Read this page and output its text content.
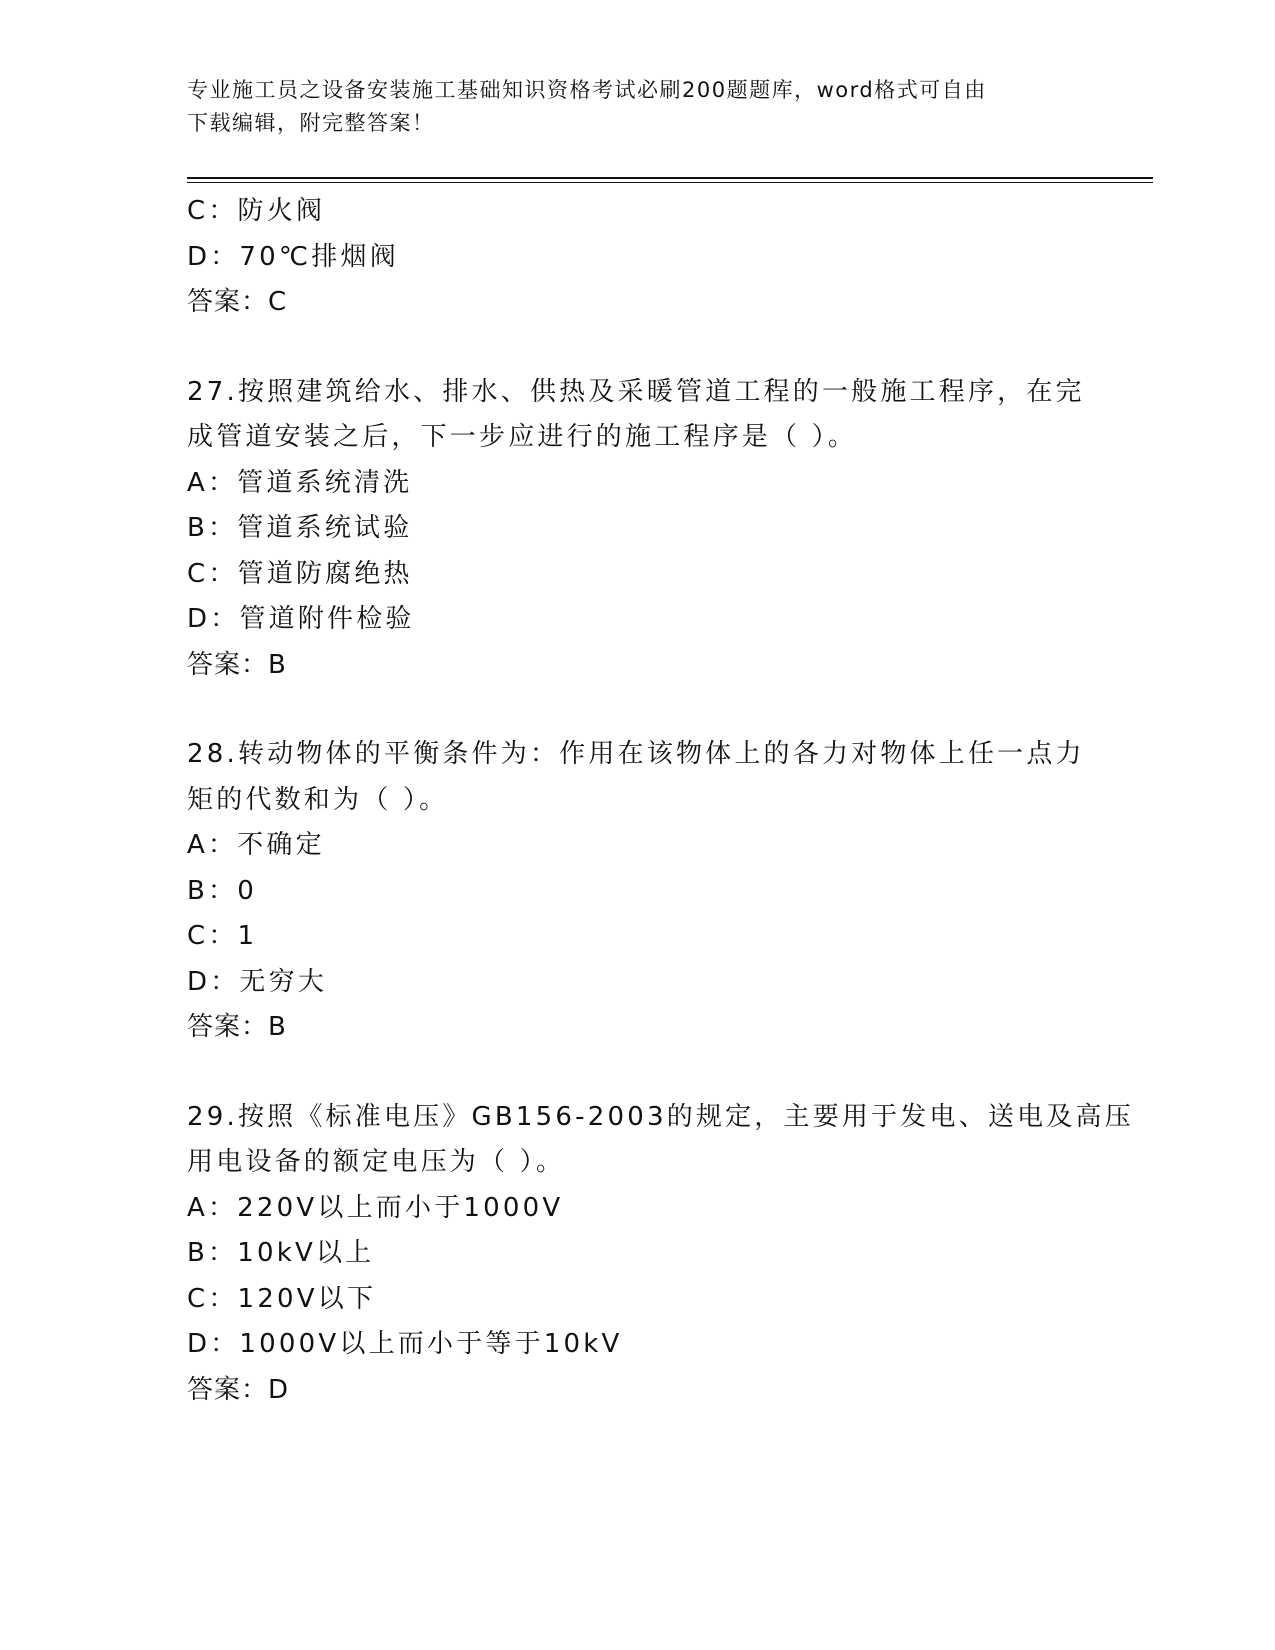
专业施工员之设备安装施工基础知识资格考试必刷200题题库，word格式可自由
下载编辑，附完整答案！
C：防火阀
D：70℃排烟阀
答案：C
27.按照建筑给水、排水、供热及采暖管道工程的一般施工程序，在完
成管道安装之后，下一步应进行的施工程序是（ ）。
A：管道系统清洗
B：管道系统试验
C：管道防腐绝热
D：管道附件检验
答案：B
28.转动物体的平衡条件为：作用在该物体上的各力对物体上任一点力
矩的代数和为（ ）。
A：不确定
B：0
C：1
D：无穷大
答案：B
29.按照《标准电压》GB156-2003的规定，主要用于发电、送电及高压
用电设备的额定电压为（ ）。
A：220V以上而小于1000V
B：10kV以上
C：120V以下
D：1000V以上而小于等于10kV
答案：D
